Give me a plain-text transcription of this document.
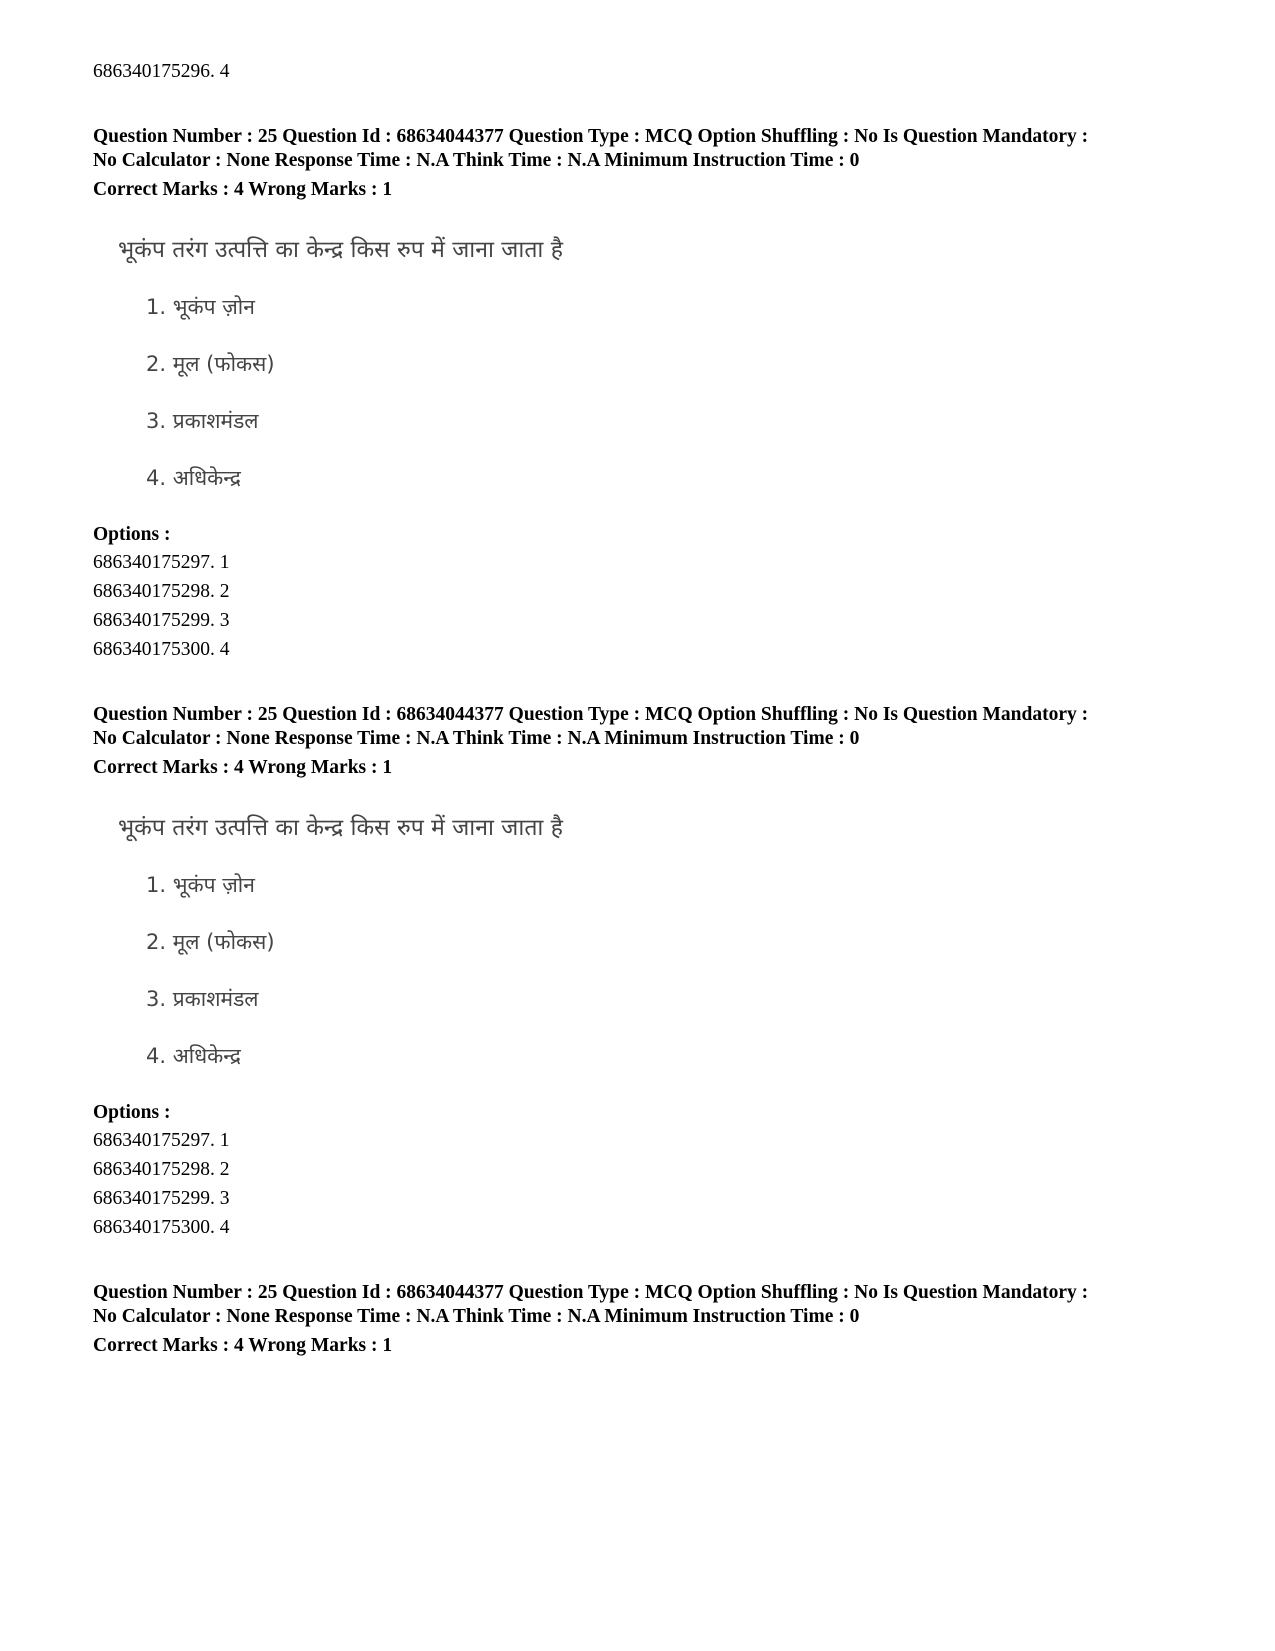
686340175296. 4
Question Number : 25 Question Id : 68634044377 Question Type : MCQ Option Shuffling : No Is Question Mandatory :
No Calculator : None Response Time : N.A Think Time : N.A Minimum Instruction Time : 0
Correct Marks : 4 Wrong Marks : 1
भूकंप तरंग उत्पत्ति का केन्द्र किस रुप में जाना जाता है
1. भूकंप ज़ोन
2. मूल (फोकस)
3. प्रकाशमंडल
4. अधिकेन्द्र
Options :
686340175297. 1
686340175298. 2
686340175299. 3
686340175300. 4
Question Number : 25 Question Id : 68634044377 Question Type : MCQ Option Shuffling : No Is Question Mandatory :
No Calculator : None Response Time : N.A Think Time : N.A Minimum Instruction Time : 0
Correct Marks : 4 Wrong Marks : 1
भूकंप तरंग उत्पत्ति का केन्द्र किस रुप में जाना जाता है
1. भूकंप ज़ोन
2. मूल (फोकस)
3. प्रकाशमंडल
4. अधिकेन्द्र
Options :
686340175297. 1
686340175298. 2
686340175299. 3
686340175300. 4
Question Number : 25 Question Id : 68634044377 Question Type : MCQ Option Shuffling : No Is Question Mandatory :
No Calculator : None Response Time : N.A Think Time : N.A Minimum Instruction Time : 0
Correct Marks : 4 Wrong Marks : 1
